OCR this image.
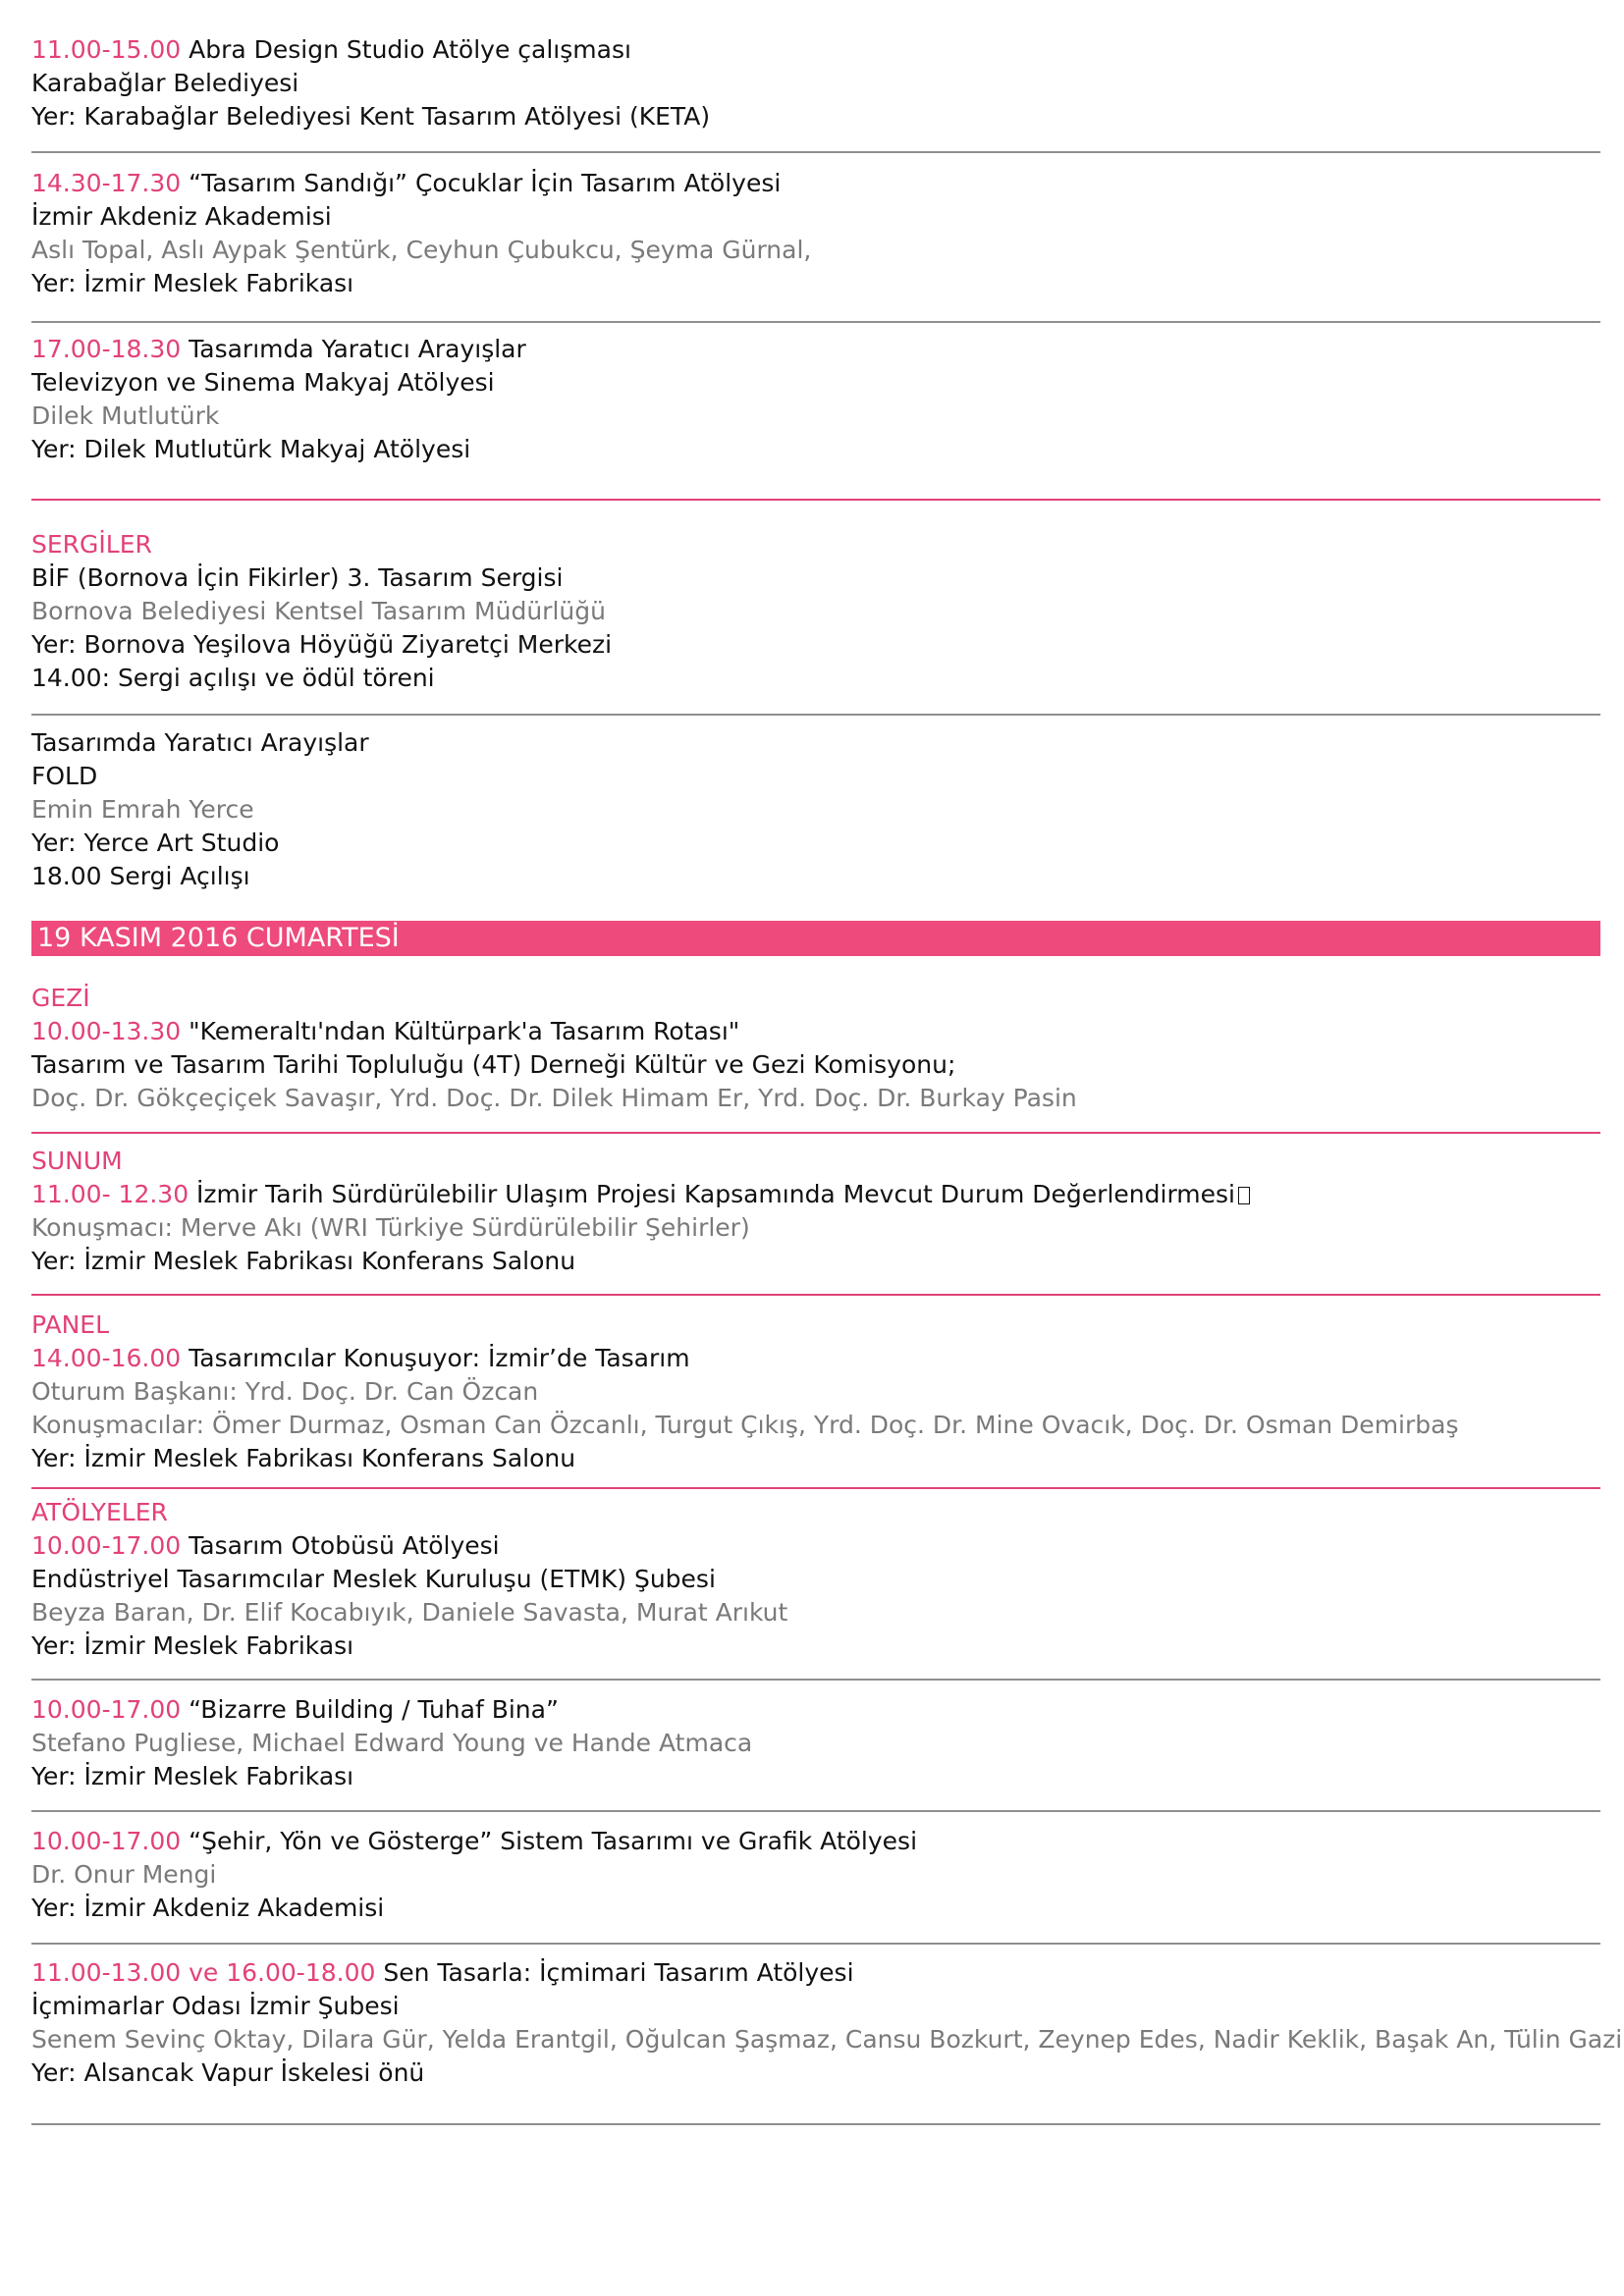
11.00-15.00 Abra Design Studio Atölye çalışması
Karabağlar Belediyesi
Yer: Karabağlar Belediyesi Kent Tasarım Atölyesi (KETA)
14.30-17.30 “Tasarım Sandığı” Çocuklar İçin Tasarım Atölyesi
İzmir Akdeniz Akademisi
Aslı Topal, Aslı Aypak Şentürk, Ceyhun Çubukcu, Şeyma Gürnal,
Yer: İzmir Meslek Fabrikası
17.00-18.30 Tasarımda Yaratıcı Arayışlar
Televizyon ve Sinema Makyaj Atölyesi
Dilek Mutlutürk
Yer: Dilek Mutlutürk Makyaj Atölyesi
SERGİLER
BİF (Bornova İçin Fikirler) 3. Tasarım Sergisi
Bornova Belediyesi Kentsel Tasarım Müdürlüğü
Yer: Bornova Yeşilova Höyüğü Ziyaretçi Merkezi
14.00: Sergi açılışı ve ödül töreni
Tasarımda Yaratıcı Arayışlar
FOLD
Emin Emrah Yerce
Yer: Yerce Art Studio
18.00 Sergi Açılışı
19 KASIM 2016 CUMARTESİ
GEZİ
10.00-13.30 "Kemeraltı'ndan Kültürpark'a Tasarım Rotası"
Tasarım ve Tasarım Tarihi Topluluğu (4T) Derneği Kültür ve Gezi Komisyonu;
Doç. Dr. Gökçeçiçek Savaşır, Yrd. Doç. Dr. Dilek Himam Er, Yrd. Doç. Dr. Burkay Pasin
SUNUM
11.00- 12.30 İzmir Tarih Sürdürülebilir Ulaşım Projesi Kapsamında Mevcut Durum Değerlendirmesi
Konuşmacı: Merve Akı (WRI Türkiye Sürdürülebilir Şehirler)
Yer: İzmir Meslek Fabrikası Konferans Salonu
PANEL
14.00-16.00 Tasarımcılar Konuşuyor: İzmir’de Tasarım
Oturum Başkanı: Yrd. Doç. Dr. Can Özcan
Konuşmacılar: Ömer Durmaz, Osman Can Özcanlı, Turgut Çıkış, Yrd. Doç. Dr. Mine Ovacık, Doç. Dr. Osman Demirbaş
Yer: İzmir Meslek Fabrikası Konferans Salonu
ATÖLYELER
10.00-17.00 Tasarım Otobüsü Atölyesi
Endüstriyel Tasarımcılar Meslek Kuruluşu (ETMK) Şubesi
Beyza Baran, Dr. Elif Kocabıyık, Daniele Savasta, Murat Arıkut
Yer: İzmir Meslek Fabrikası
10.00-17.00 “Bizarre Building / Tuhaf Bina”
Stefano Pugliese, Michael Edward Young ve Hande Atmaca
Yer: İzmir Meslek Fabrikası
10.00-17.00 “Şehir, Yön ve Gösterge” Sistem Tasarımı ve Grafik Atölyesi
Dr. Onur Mengi
Yer: İzmir Akdeniz Akademisi
11.00-13.00 ve 16.00-18.00 Sen Tasarla: İçmimari Tasarım Atölyesi
İçmimarlar Odası İzmir Şubesi
Senem Sevinç Oktay, Dilara Gür, Yelda Erantgil, Oğulcan Şaşmaz, Cansu Bozkurt, Zeynep Edes, Nadir Keklik, Başak An, Tülin Gazi
Yer: Alsancak Vapur İskelesi önü
